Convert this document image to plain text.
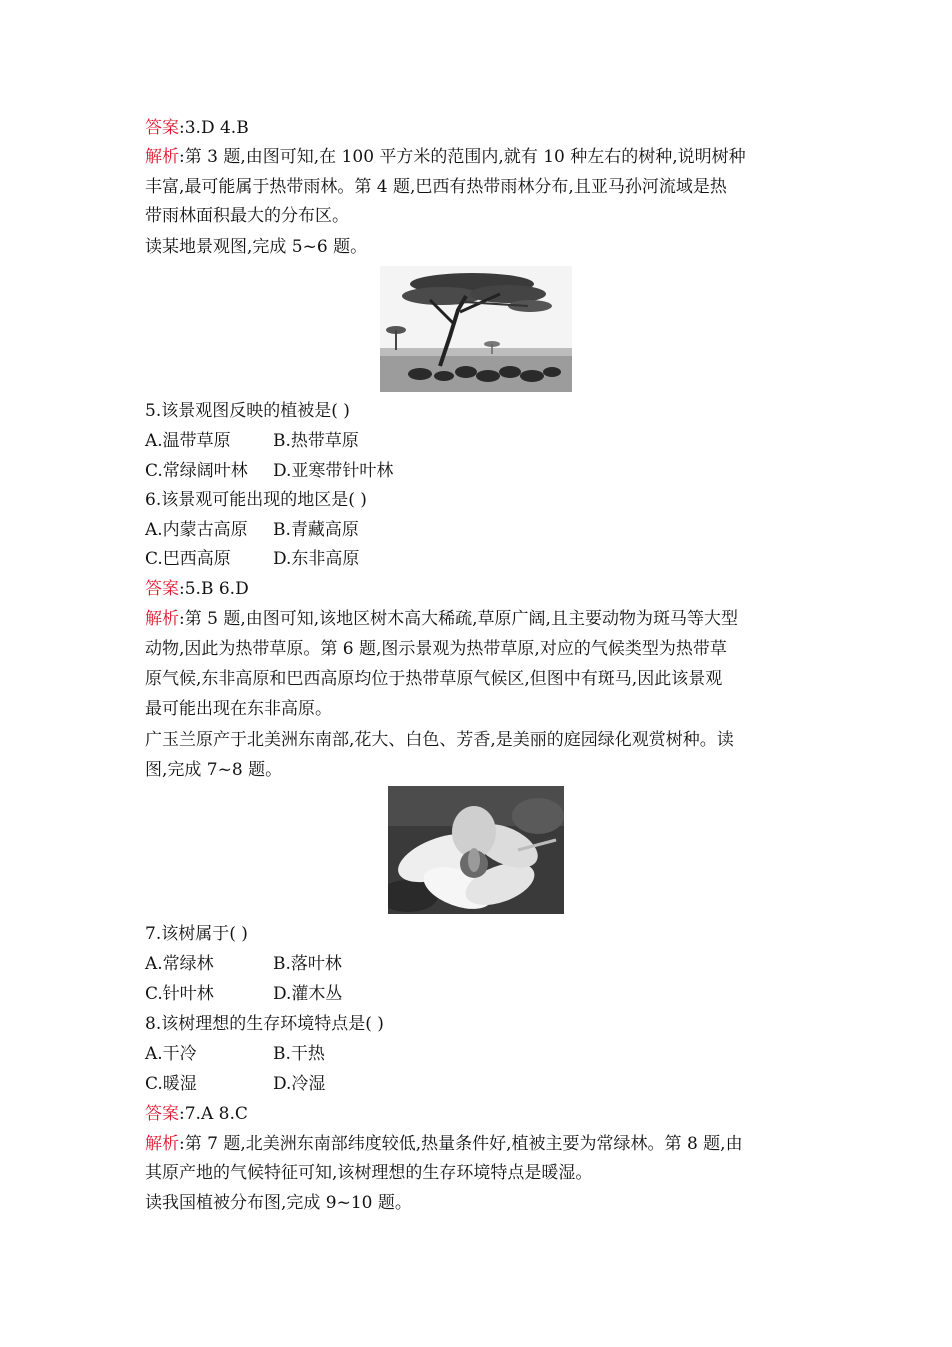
答案:3.D 4.B
解析:第 3 题,由图可知,在 100 平方米的范围内,就有 10 种左右的树种,说明树种
丰富,最可能属于热带雨林。第 4 题,巴西有热带雨林分布,且亚马孙河流域是热
带雨林面积最大的分布区。
读某地景观图,完成 5~6 题。
5.该景观图反映的植被是( )
A.温带草原 B.热带草原
C.常绿阔叶林 D.亚寒带针叶林
6.该景观可能出现的地区是( )
A.内蒙古高原 B.青藏高原
C.巴西高原 D.东非高原
答案:5.B 6.D
解析:第 5 题,由图可知,该地区树木高大稀疏,草原广阔,且主要动物为斑马等大型
动物,因此为热带草原。第 6 题,图示景观为热带草原,对应的气候类型为热带草
原气候,东非高原和巴西高原均位于热带草原气候区,但图中有斑马,因此该景观
最可能出现在东非高原。
广玉兰原产于北美洲东南部,花大、白色、芳香,是美丽的庭园绿化观赏树种。读
图,完成 7~8 题。
7.该树属于( )
A.常绿林	B.落叶林
C.针叶林	D.灌木丛
8.该树理想的生存环境特点是( )
A.干冷	B.干热
C.暖湿	D.冷湿
答案:7.A 8.C
解析:第 7 题,北美洲东南部纬度较低,热量条件好,植被主要为常绿林。第 8 题,由
其原产地的气候特征可知,该树理想的生存环境特点是暖湿。
读我国植被分布图,完成 9~10 题。
